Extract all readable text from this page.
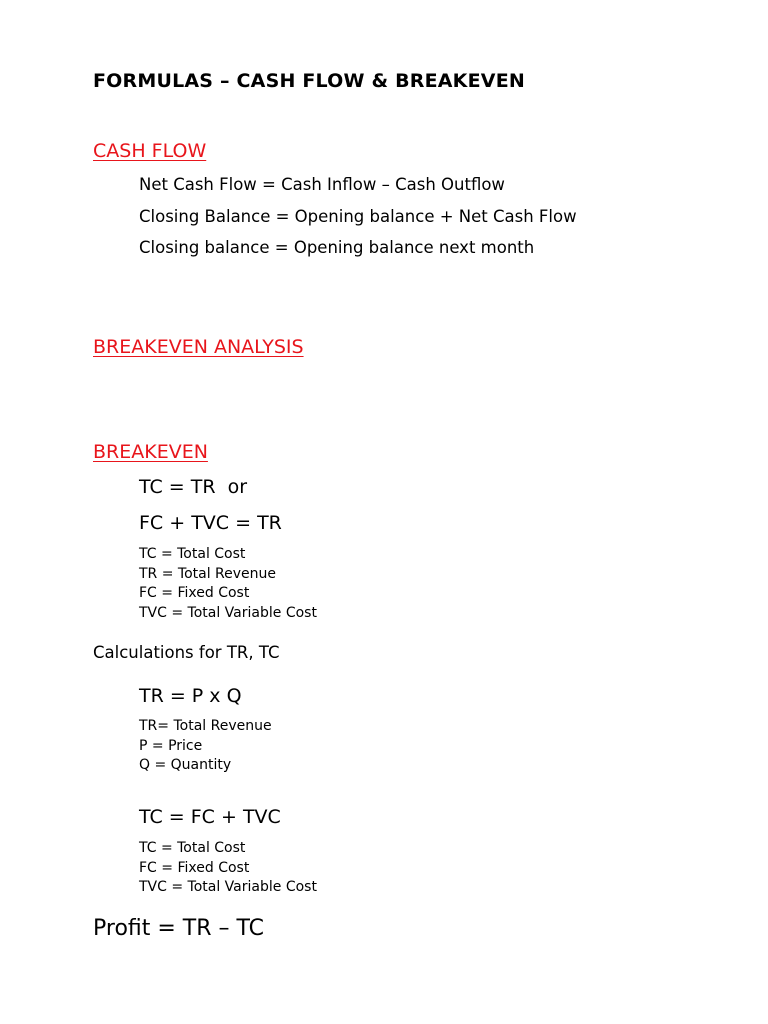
FORMULAS – CASH FLOW & BREAKEVEN
CASH FLOW
Net Cash Flow = Cash Inflow – Cash Outflow
Closing Balance = Opening balance + Net Cash Flow
Closing balance = Opening balance next month
BREAKEVEN ANALYSIS
BREAKEVEN
TC = TR  or
FC + TVC = TR
TC = Total Cost
TR = Total Revenue
FC = Fixed Cost
TVC = Total Variable Cost
Calculations for TR, TC
TR = P x Q
TR= Total Revenue
P = Price
Q = Quantity
TC = FC + TVC
TC = Total Cost
FC = Fixed Cost
TVC = Total Variable Cost
Profit = TR – TC
